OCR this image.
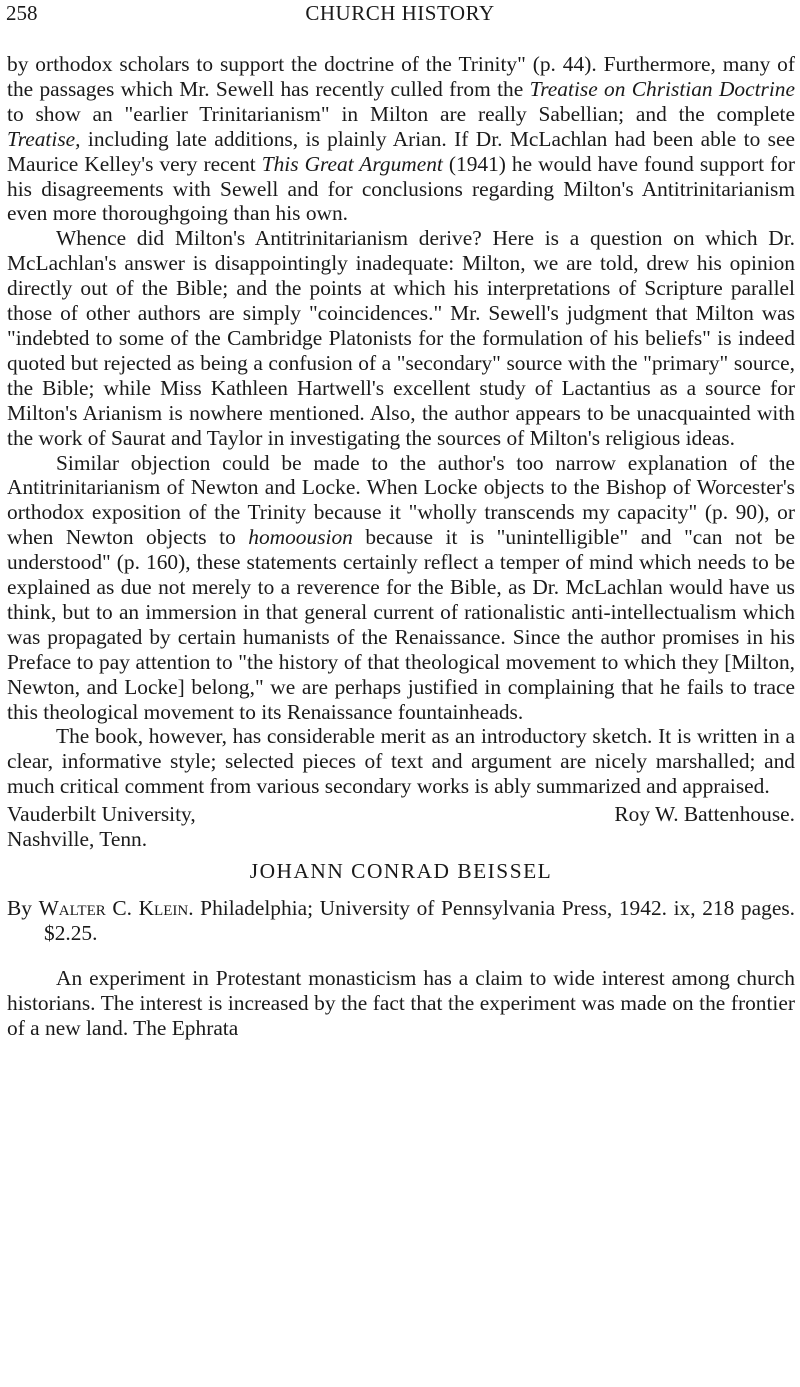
258	CHURCH HISTORY

by orthodox scholars to support the doctrine of the Trinity" (p. 44). Furthermore, many of the passages which Mr. Sewell has recently culled from the Treatise on Christian Doctrine to show an "earlier Trinitarianism" in Milton are really Sabellian; and the complete Treatise, including late additions, is plainly Arian. If Dr. McLachlan had been able to see Maurice Kelley's very recent This Great Argument (1941) he would have found support for his disagreements with Sewell and for conclusions regarding Milton's Antitrinitarianism even more thoroughgoing than his own.

Whence did Milton's Antitrinitarianism derive? Here is a question on which Dr. McLachlan's answer is disappointingly inadequate: Milton, we are told, drew his opinion directly out of the Bible; and the points at which his interpretations of Scripture parallel those of other authors are simply "coincidences." Mr. Sewell's judgment that Milton was "indebted to some of the Cambridge Platonists for the formulation of his beliefs" is indeed quoted but rejected as being a confusion of a "secondary" source with the "primary" source, the Bible; while Miss Kathleen Hartwell's excellent study of Lactantius as a source for Milton's Arianism is nowhere mentioned. Also, the author appears to be unacquainted with the work of Saurat and Taylor in investigating the sources of Milton's religious ideas.

Similar objection could be made to the author's too narrow explanation of the Antitrinitarianism of Newton and Locke. When Locke objects to the Bishop of Worcester's orthodox exposition of the Trinity because it "wholly transcends my capacity" (p. 90), or when Newton objects to homoousion because it is "unintelligible" and "can not be understood" (p. 160), these statements certainly reflect a temper of mind which needs to be explained as due not merely to a reverence for the Bible, as Dr. McLachlan would have us think, but to an immersion in that general current of rationalistic anti-intellectualism which was propagated by certain humanists of the Renaissance. Since the author promises in his Preface to pay attention to "the history of that theological movement to which they [Milton, Newton, and Locke] belong," we are perhaps justified in complaining that he fails to trace this theological movement to its Renaissance fountainheads.

The book, however, has considerable merit as an introductory sketch. It is written in a clear, informative style; selected pieces of text and argument are nicely marshalled; and much critical comment from various secondary works is ably summarized and appraised.

Vauderbilt University,
Nashville, Tenn.
Roy W. Battenhouse.
JOHANN CONRAD BEISSEL
By Walter C. Klein. Philadelphia; University of Pennsylvania Press, 1942. ix, 218 pages. $2.25.

An experiment in Protestant monasticism has a claim to wide interest among church historians. The interest is increased by the fact that the experiment was made on the frontier of a new land. The Ephrata
